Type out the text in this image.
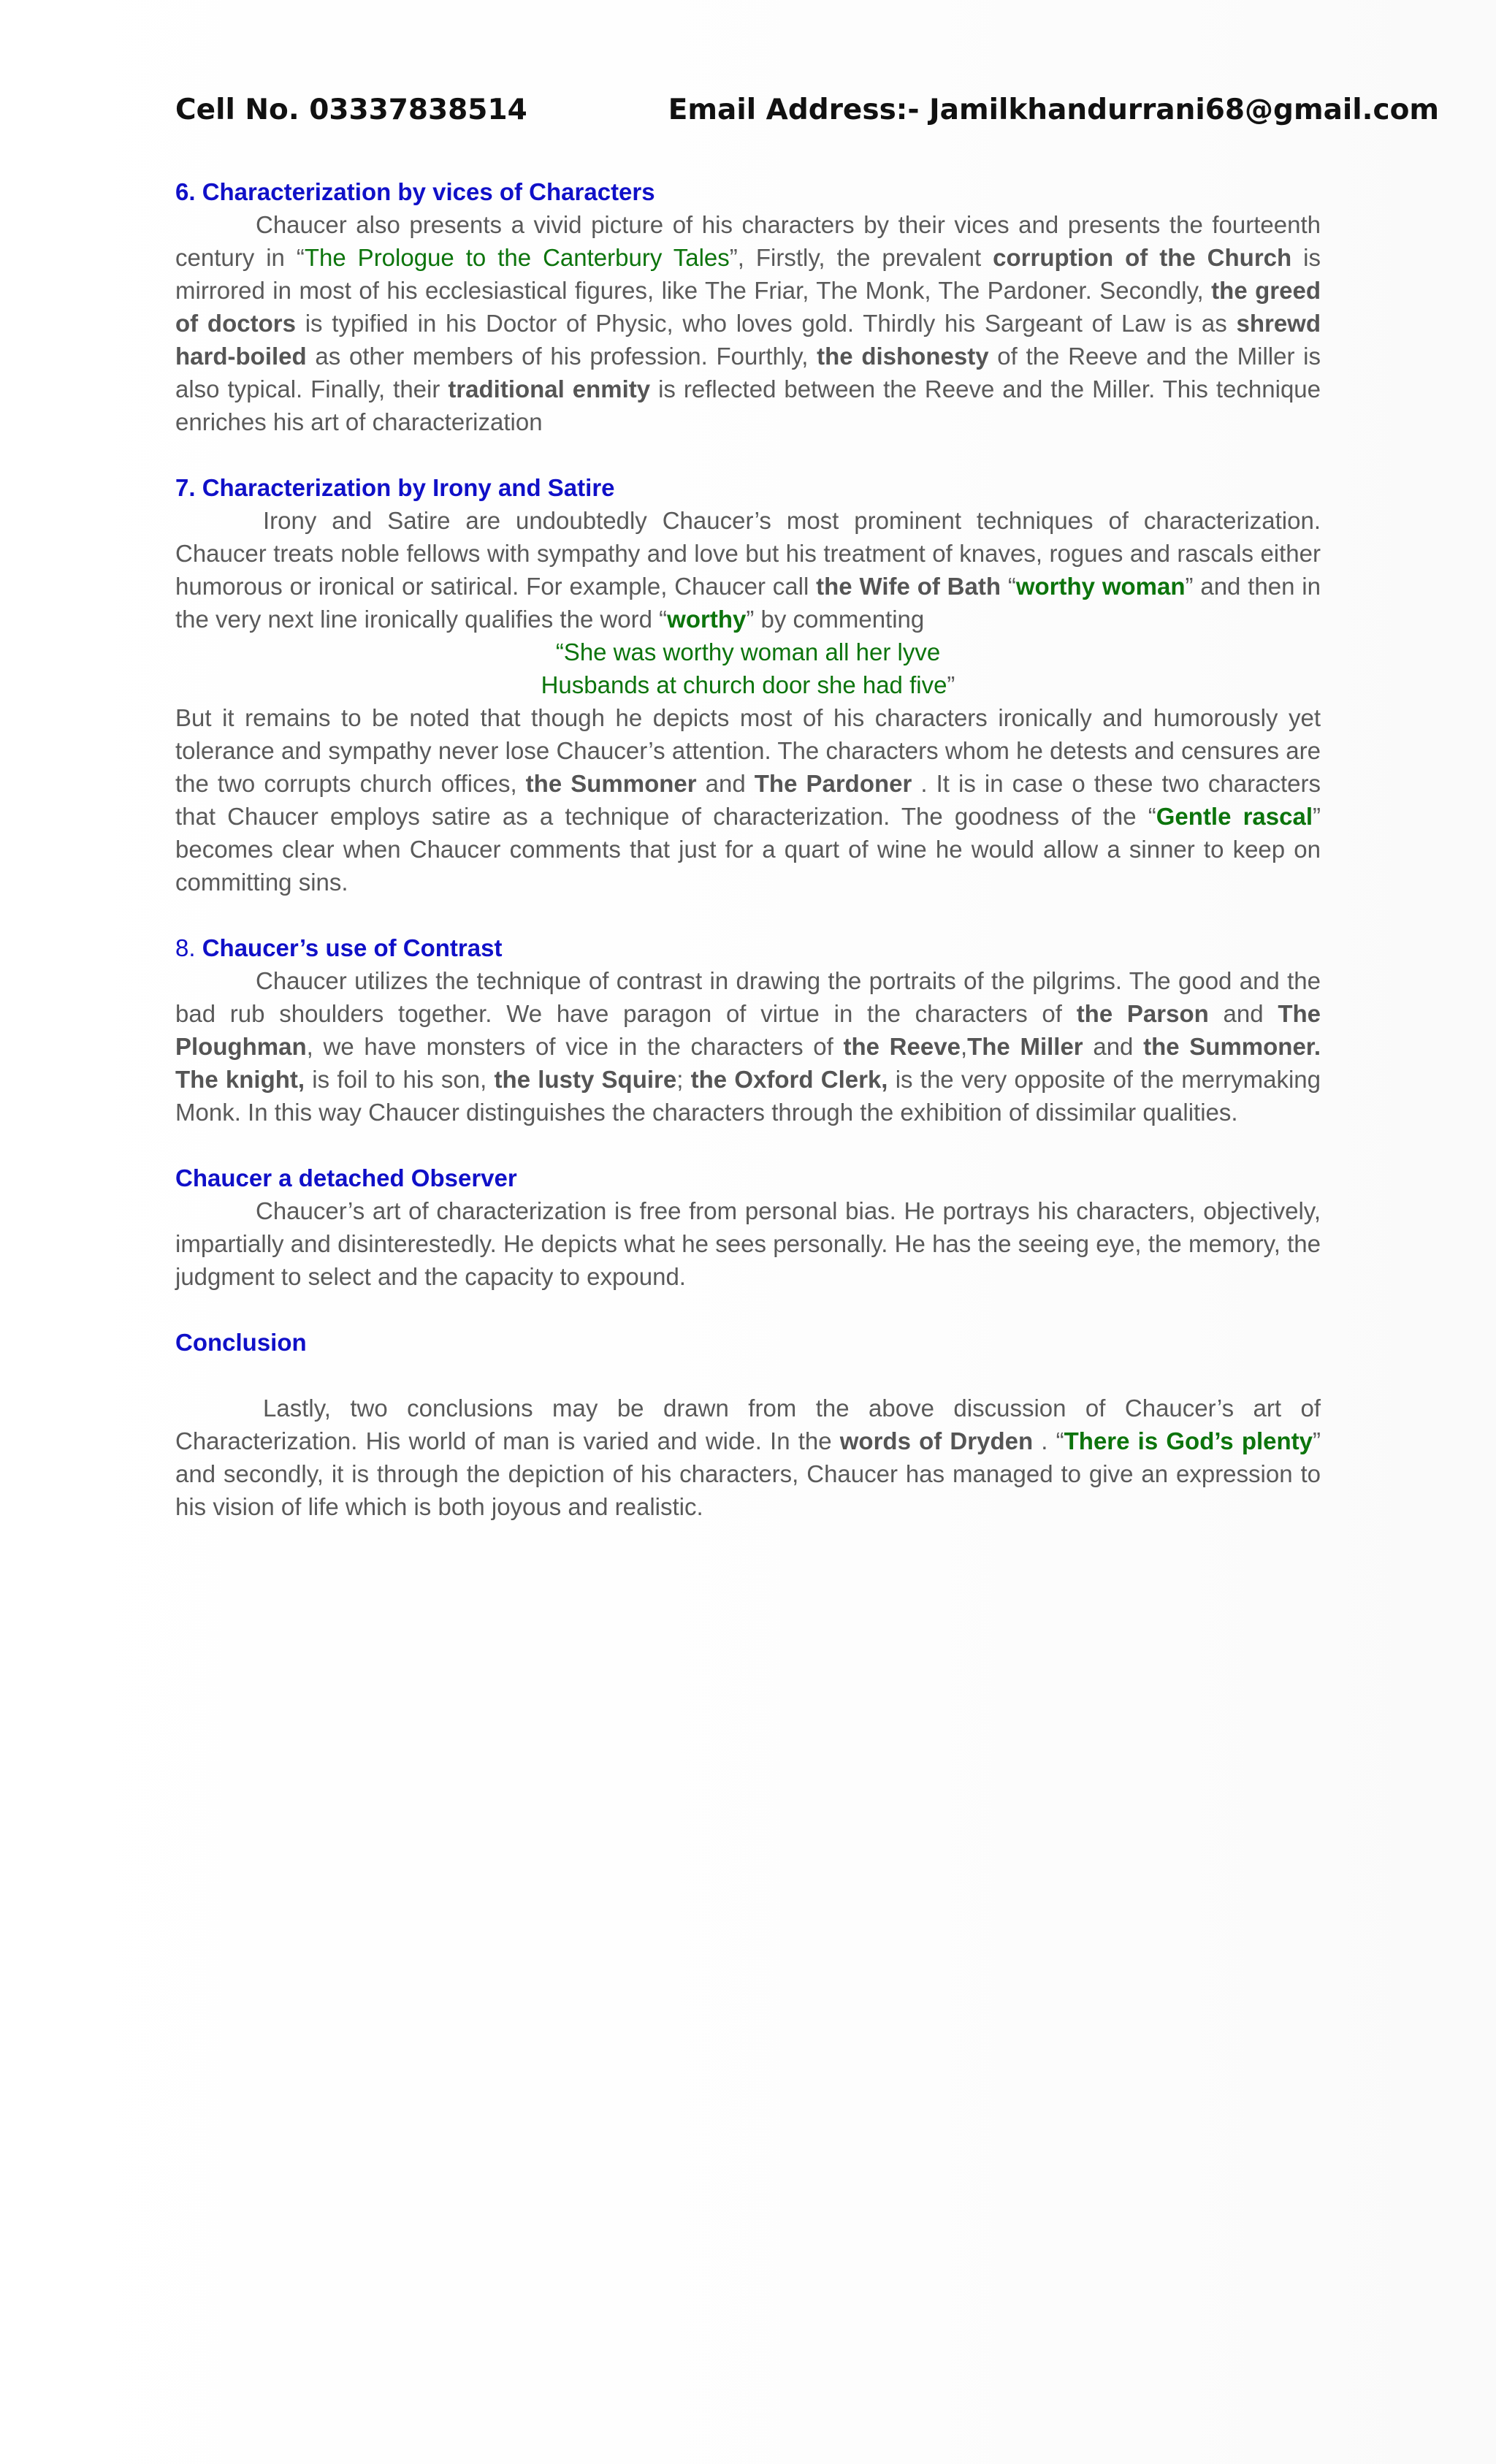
Cell No. 03337838514	Email Address:- Jamilkhandurrani68@gmail.com
6. Characterization by vices of Characters

Chaucer also presents a vivid picture of his characters by their vices and presents the fourteenth century in “The Prologue to the Canterbury Tales”, Firstly, the prevalent corruption of the Church is mirrored in most of his ecclesiastical figures, like The Friar, The Monk, The Pardoner. Secondly, the greed of doctors is typified in his Doctor of Physic, who loves gold. Thirdly his Sargeant of Law is as shrewd hard-boiled as other members of his profession. Fourthly, the dishonesty of the Reeve and the Miller is also typical. Finally, their traditional enmity is reflected between the Reeve and the Miller. This technique enriches his art of characterization

7. Characterization by Irony and Satire

Irony and Satire are undoubtedly Chaucer’s most prominent techniques of characterization. Chaucer treats noble fellows with sympathy and love but his treatment of knaves, rogues and rascals either humorous or ironical or satirical. For example, Chaucer call the Wife of Bath “worthy woman” and then in the very next line ironically qualifies the word “worthy” by commenting

“She was worthy woman all her lyve

Husbands at church door she had five”

But it remains to be noted that though he depicts most of his characters ironically and humorously yet tolerance and sympathy never lose Chaucer’s attention. The characters whom he detests and censures are the two corrupts church offices, the Summoner and The Pardoner . It is in case o these two characters that Chaucer employs satire as a technique of characterization. The goodness of the “Gentle rascal” becomes clear when Chaucer comments that just for a quart of wine he would allow a sinner to keep on committing sins.

8. Chaucer’s use of Contrast

Chaucer utilizes the technique of contrast in drawing the portraits of the pilgrims. The good and the bad rub shoulders together. We have paragon of virtue in the characters of the Parson and The Ploughman, we have monsters of vice in the characters of the Reeve,The Miller and the Summoner. The knight, is foil to his son, the lusty Squire; the Oxford Clerk, is the very opposite of the merrymaking Monk. In this way Chaucer distinguishes the characters through the exhibition of dissimilar qualities.

Chaucer a detached Observer

Chaucer’s art of characterization is free from personal bias. He portrays his characters, objectively, impartially and disinterestedly. He depicts what he sees personally. He has the seeing eye, the memory, the judgment to select and the capacity to expound.

Conclusion

Lastly, two conclusions may be drawn from the above discussion of Chaucer’s art of Characterization. His world of man is varied and wide. In the words of Dryden . “There is God’s plenty” and secondly, it is through the depiction of his characters, Chaucer has managed to give an expression to his vision of life which is both joyous and realistic.
